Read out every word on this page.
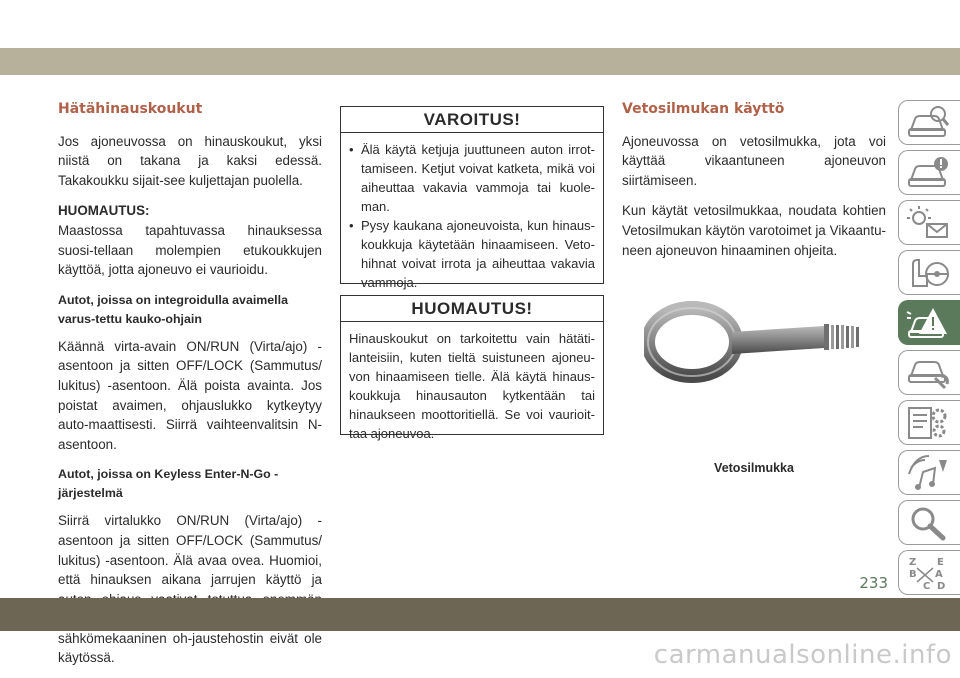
Hätähinauskoukut

Jos ajoneuvossa on hinauskoukut, yksi niistä on takana ja kaksi edessä. Takakoukku sijait-see kuljettajan puolella.

HUOMAUTUS:

Maastossa tapahtuvassa hinauksessa suosi-tellaan molempien etukoukkujen käyttöä, jotta ajoneuvo ei vaurioidu.

Autot, joissa on integroidulla avaimella varus-tettu kauko-ohjain

Käännä virta-avain ON/RUN (Virta/ajo) -asentoon ja sitten OFF/LOCK (Sammutus/ lukitus) -asentoon. Älä poista avainta. Jos poistat avaimen, ohjauslukko kytkeytyy auto-maattisesti. Siirrä vaihteenvalitsin N-asentoon.

Autot, joissa on Keyless Enter-N-Go -järjestelmä

Siirrä virtalukko ON/RUN (Virta/ajo) -asentoon ja sitten OFF/LOCK (Sammutus/ lukitus) -asentoon. Älä avaa ovea. Huomioi, että hinauksen aikana jarrujen käyttö ja sähkömekaaninen oh-jaustehostin eivät ole käytössä.

VAROITUS!
• Älä käytä ketjuja juuttuneen auton irrot-tamiseen. Ketjut voivat katketa, mikä voi aiheuttaa vakavia vammoja tai kuole-man.
• Pysy kaukana ajoneuvoista, kun hinaus-koukkuja käytetään hinaamiseen. Veto-hihnat voivat irrota ja aiheuttaa vakavia vammoja.
HUOMAUTUS!

Hinauskoukut on tarkoitettu vain hätäti-lanteisiin, kuten tieltä suistuneen ajoneu-von hinaamiseen tielle. Älä käytä hinaus-koukkuja hinausauton kytkentään tai hinaukseen moottoritiellä. Se voi vaurioit-taa ajoneuvoa.

Vetosilmukan käyttö

Ajoneuvossa on vetosilmukka, jota voi käyttää vikaantuneen ajoneuvon siirtämiseen.

Kun käytät vetosilmukkaa, noudata kohtien Vetosilmukan käytön varotoimet ja Vikaantu-neen ajoneuvon hinaaminen ohjeita.

Vetosilmukka
Z E
B A
C D
233
carmanualsonline.info
